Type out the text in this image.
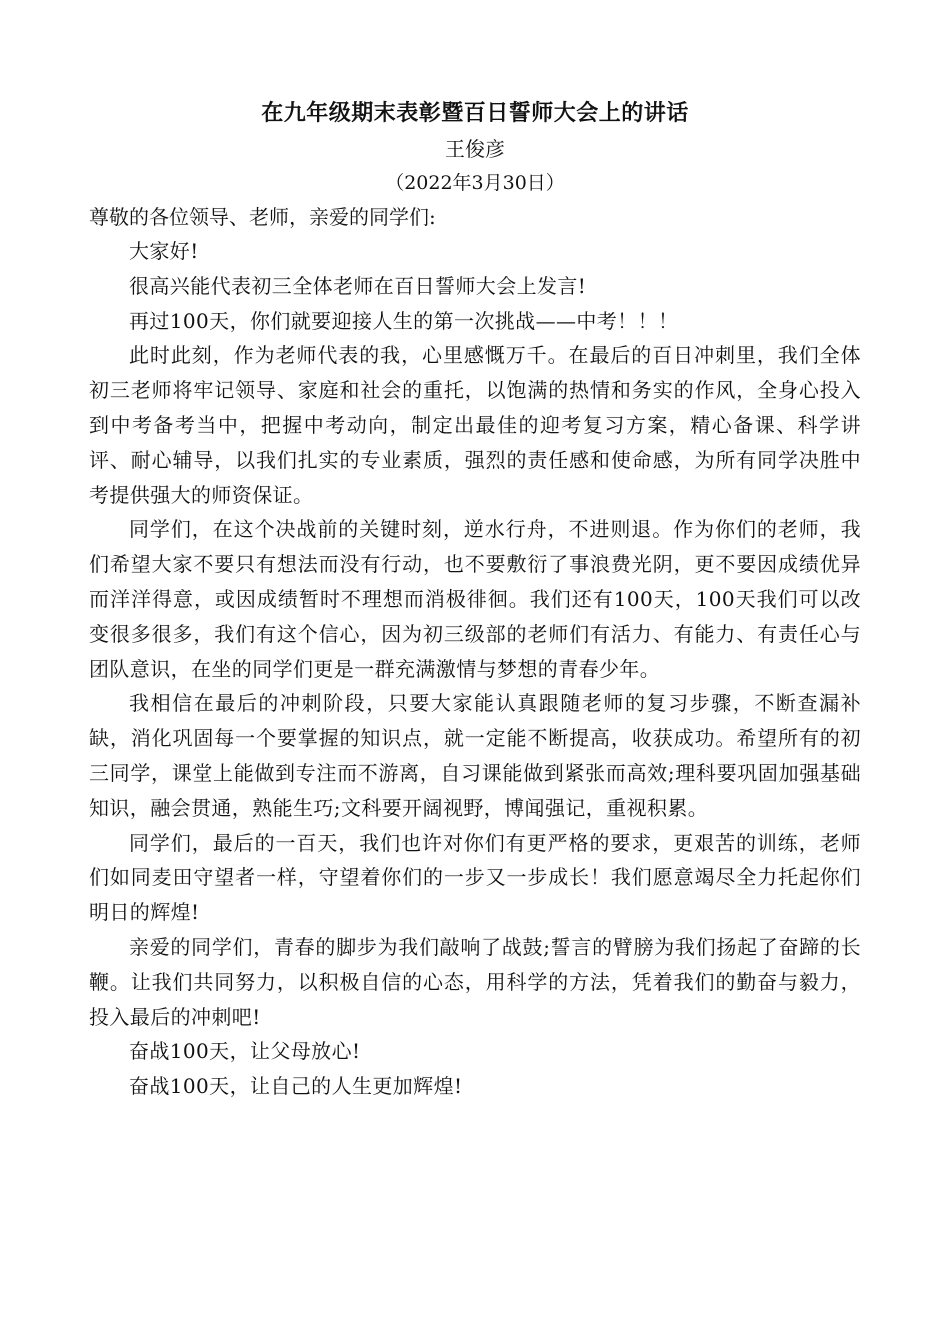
在九年级期末表彰暨百日誓师大会上的讲话
王俊彦
（2022年3月30日）
尊敬的各位领导、老师，亲爱的同学们:

大家好!

很高兴能代表初三全体老师在百日誓师大会上发言!

再过100天，你们就要迎接人生的第一次挑战——中考！！！

此时此刻，作为老师代表的我，心里感慨万千。在最后的百日冲刺里，我们全体初三老师将牢记领导、家庭和社会的重托，以饱满的热情和务实的作风，全身心投入到中考备考当中，把握中考动向，制定出最佳的迎考复习方案，精心备课、科学讲评、耐心辅导，以我们扎实的专业素质，强烈的责任感和使命感，为所有同学决胜中考提供强大的师资保证。

同学们，在这个决战前的关键时刻，逆水行舟，不进则退。作为你们的老师，我们希望大家不要只有想法而没有行动，也不要敷衍了事浪费光阴，更不要因成绩优异而洋洋得意，或因成绩暂时不理想而消极徘徊。我们还有100天，100天我们可以改变很多很多，我们有这个信心，因为初三级部的老师们有活力、有能力、有责任心与团队意识，在坐的同学们更是一群充满激情与梦想的青春少年。

我相信在最后的冲刺阶段，只要大家能认真跟随老师的复习步骤，不断查漏补缺，消化巩固每一个要掌握的知识点，就一定能不断提高，收获成功。希望所有的初三同学，课堂上能做到专注而不游离，自习课能做到紧张而高效;理科要巩固加强基础知识，融会贯通，熟能生巧;文科要开阔视野，博闻强记，重视积累。

同学们，最后的一百天，我们也许对你们有更严格的要求，更艰苦的训练，老师们如同麦田守望者一样，守望着你们的一步又一步成长！我们愿意竭尽全力托起你们明日的辉煌!

亲爱的同学们，青春的脚步为我们敲响了战鼓;誓言的臂膀为我们扬起了奋蹄的长鞭。让我们共同努力，以积极自信的心态，用科学的方法，凭着我们的勤奋与毅力，投入最后的冲刺吧!

奋战100天，让父母放心!

奋战100天，让自己的人生更加辉煌!
